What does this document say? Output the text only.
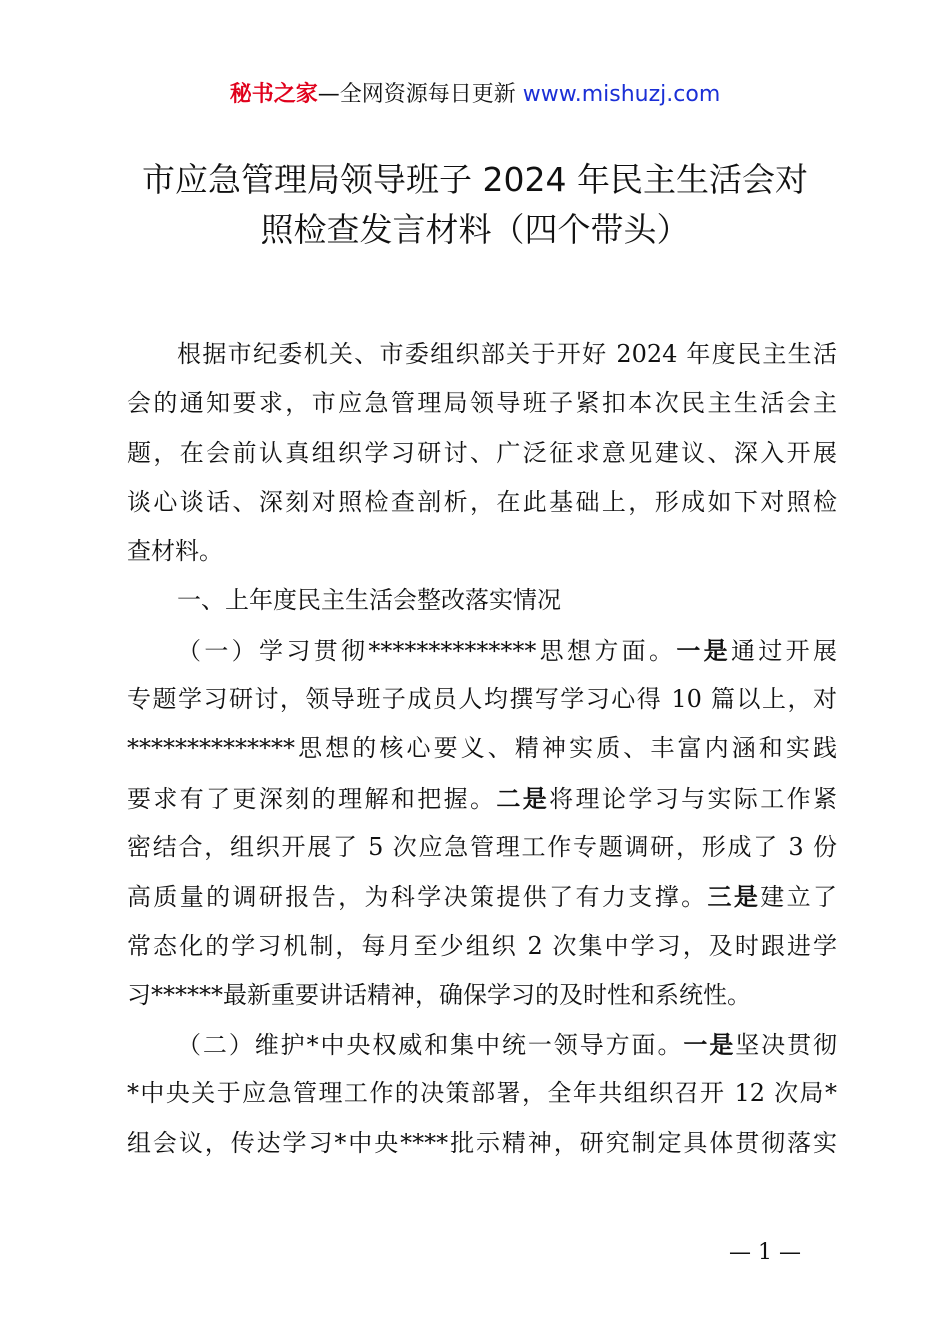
秘书之家—全网资源每日更新 www.mishuzj.com
市应急管理局领导班子 2024 年民主生活会对
照检查发言材料（四个带头）
根据市纪委机关、市委组织部关于开好 2024 年度民主生活
会的通知要求，市应急管理局领导班子紧扣本次民主生活会主
题，在会前认真组织学习研讨、广泛征求意见建议、深入开展
谈心谈话、深刻对照检查剖析，在此基础上，形成如下对照检
查材料。
一、上年度民主生活会整改落实情况
（一）学习贯彻**************思想方面。一是通过开展
专题学习研讨，领导班子成员人均撰写学习心得 10 篇以上，对
**************思想的核心要义、精神实质、丰富内涵和实践
要求有了更深刻的理解和把握。二是将理论学习与实际工作紧
密结合，组织开展了 5 次应急管理工作专题调研，形成了 3 份
高质量的调研报告，为科学决策提供了有力支撑。三是建立了
常态化的学习机制，每月至少组织 2 次集中学习，及时跟进学
习******最新重要讲话精神，确保学习的及时性和系统性。
（二）维护*中央权威和集中统一领导方面。一是坚决贯彻
*中央关于应急管理工作的决策部署，全年共组织召开 12 次局*
组会议，传达学习*中央****批示精神，研究制定具体贯彻落实
— 1 —
